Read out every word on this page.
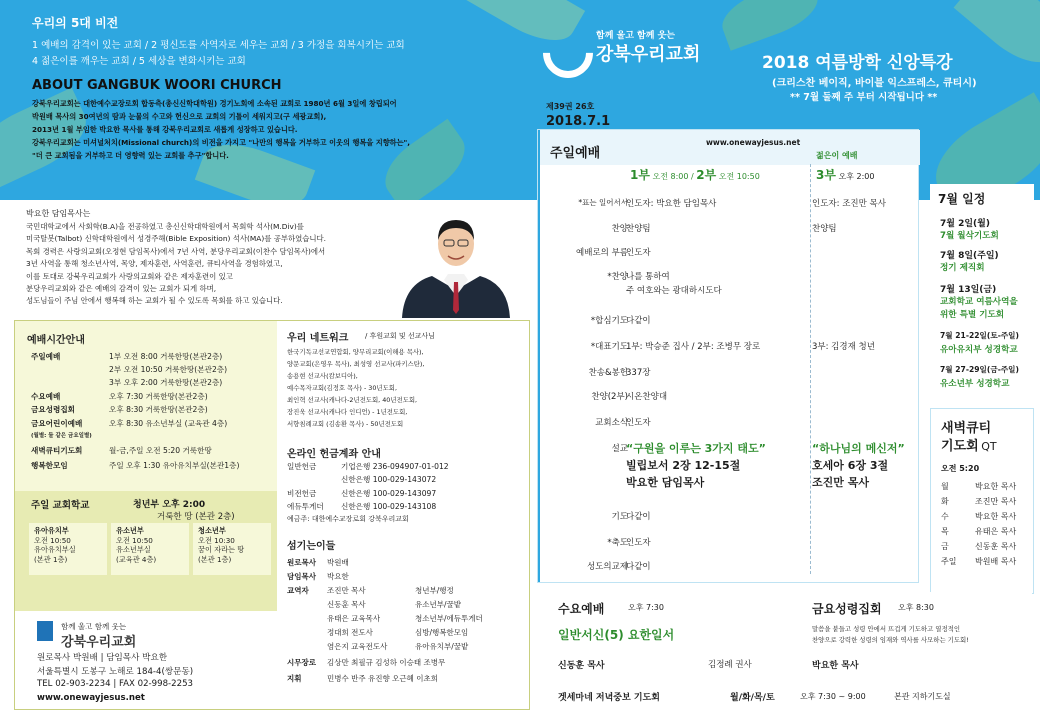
우리의 5대 비전
1 예배의 감격이 있는 교회 / 2 평신도를 사역자로 세우는 교회 / 3 가정을 회복시키는 교회
4 젊은이를 깨우는 교회 / 5 세상을 변화시키는 교회
ABOUT GANGBUK WOORI CHURCH
강북우리교회는 대한예수교장로회 합동측(총신신학대학원) 경기노회에 소속된 교회로 1980년 6월 3일에 창립되어
박원배 목사의 30여년의 땀과 눈물의 수고와 헌신으로 교회의 기틀이 세워지고(구 세광교회),
2013년 1월 부임한 박요한 목사를 통해 강북우리교회로 새롭게 성장하고 있습니다.
강북우리교회는 미셔널처치(Missional church)의 비전을 가지고 "나만의 행복을 거부하고 이웃의 행복을 지향하는",
"더 큰 교회됨을 거부하고 더 영향력 있는 교회를 추구"합니다.
함께 울고 함께 웃는
강북우리교회
제39권 26호
2018.7.1
2018 여름방학 신앙특강
(크리스찬 베이직, 바이블 익스프레스, 큐티시)
** 7월 둘째 주 부터 시작됩니다 **
박요한 담임목사는
국민대학교에서 사회학(B.A)을 전공하였고 총신신학대학원에서 목회학 석사(M.Div)를
미국탈봇(Talbot) 신학대학원에서 성경주해(Bible Exposition) 석사(MA)를 공부하였습니다.
목회 경력은 사랑의교회(오정현 담임목사)에서 7년 사역, 분당우리교회(이찬수 담임목사)에서
3년 사역을 통해 청소년사역, 목양, 제자훈련, 사역훈련, 큐티사역을 경험하였고,
이를 토대로 강북우리교회가 사랑의교회와 같은 제자훈련이 있고
분당우리교회와 같은 예배의 감격이 있는 교회가 되게 하며,
성도님들이 주님 안에서 행복해 하는 교회가 될 수 있도록 목회를 하고 있습니다.
예배시간안내
주일예배	1부 오전 8:00 거룩한땅(본관2층)
2부 오전 10:50 거룩한땅(본관2층)
3부 오후 2:00 거룩한땅(본관2층)
수요예배	오후 7:30 거룩한땅(본관2층)
금요성령집회	오후 8:30 거룩한땅(본관2층)
금요어린이예배	오후 8:30 유소년부실 (교육관 4층)
(월별: 둘 같은 금요일별)
새벽큐티기도회	월-금,주일 오전 5:20 거룩한땅
행복한모임	주일 오후 1:30 유아유치부실(본관1층)
주일 교회학교	청년부 오후 2:00
거룩한 땅 (본관 2층)
유아유치부
오전 10:50
유아유치부실
(본관 1층)
유소년부
오전 10:50
유소년부실
(교육관 4층)
청소년부
오전 10:30
꿈이 자라는 땅
(본관 1층)
함께 울고 함께 웃는
강북우리교회
원로목사 박원배 | 담임목사 박요한
서울특별시 도봉구 노해로 184-4(쌍문동)
TEL 02-903-2234 | FAX 02-998-2253
www.onewayjesus.net
우리 네트워크 / 후원교회 및 선교사님
한국기독교선교연합회, 양무리교회(이해용 목사),
양문교회(은영우 목사), 최성영 선교사(파키스탄),
송용현 선교사(캄보디아),
예수목자교회(김정호 목사) - 30년도회,
최인혁 선교사(캐나다-2년전도회, 40년전도회,
장진욱 선교사(캐나다 인디언) - 1년전도회,
서향침례교회 (김송환 목사) - 50년전도회
온라인 헌금계좌 안내
일반헌금	기업은행 236-094907-01-012
신한은행 100-029-143072
비전헌금	신한은행 100-029-143097
에듀투게더 신한은행 100-029-143108
예금주: 대한예수교장로회 강북우리교회
섬기는이들
원로목사 박원배
담임목사 박요한
교역자 조진만 목사	청년부/행정
신동훈 목사	유소년부/꿀밭
유태은 교육목사	청소년부/에듀투게더
정대희 전도사	심방/행복한모임
염은지 교육전도사	유아유치부/꿀밭
시무장로 김상만 최필규 김성하 이승태 조병무
지휘	민병수 반주 유진향 오근혜 이초희
주일예배
www.onewayjesus.net
젊은이 예배
1부 오전 8:00 / 2부 오전 10:50	3부 오후 2:00
*표는 일어서서
인도자: 박요한 담임목사	인도자: 조진만 목사
찬양
찬양팀	찬양팀
예배로의 부름
인도자
*찬양
나를 통하여
주 여호와는 광대하시도다
*합심기도
다같이
*대표기도
1부: 박승준 집사 / 2부: 조병무 장로	3부: 김경재 청년
찬송&봉헌
337장
찬양(2부)
시온찬양대
교회소식
인도자
설교
“구원을 이루는 3가지 태도”
빌립보서 2장 12-15절
박요한 담임목사
“하나님의 메신저”
호세아 6장 3절
조진만 목사
기도
다같이
*축도
인도자
성도의교제
다같이
7월 일정
7월 2일(월)
7월 월삭기도회
7월 8일(주일)
정기 제직회
7월 13일(금)
교회학교 여름사역을
위한 특별 기도회
7월 21-22일(토-주일)
유아유치부 성경학교
7월 27-29일(금-주일)
유소년부 성경학교
새벽큐티
기도회 QT
오전 5:20
월	박요한 목사
화	조진만 목사
수	박요한 목사
목	유태은 목사
금	신동훈 목사
주일 박원배 목사
수요예배	오후 7:30
일반서신(5) 요한일서
신동훈 목사	김정례 권사
금요성령집회 오후 8:30
말씀을 붙들고 성령 안에서 뜨겁게 기도하고 열정적인
찬양으로 강력한 성령의 임재와 역사를 사모하는 기도회!
박요한 목사
겟세마네 저녁중보 기도회	월/화/목/토	오후 7:30 ~ 9:00	본관 지하기도실
